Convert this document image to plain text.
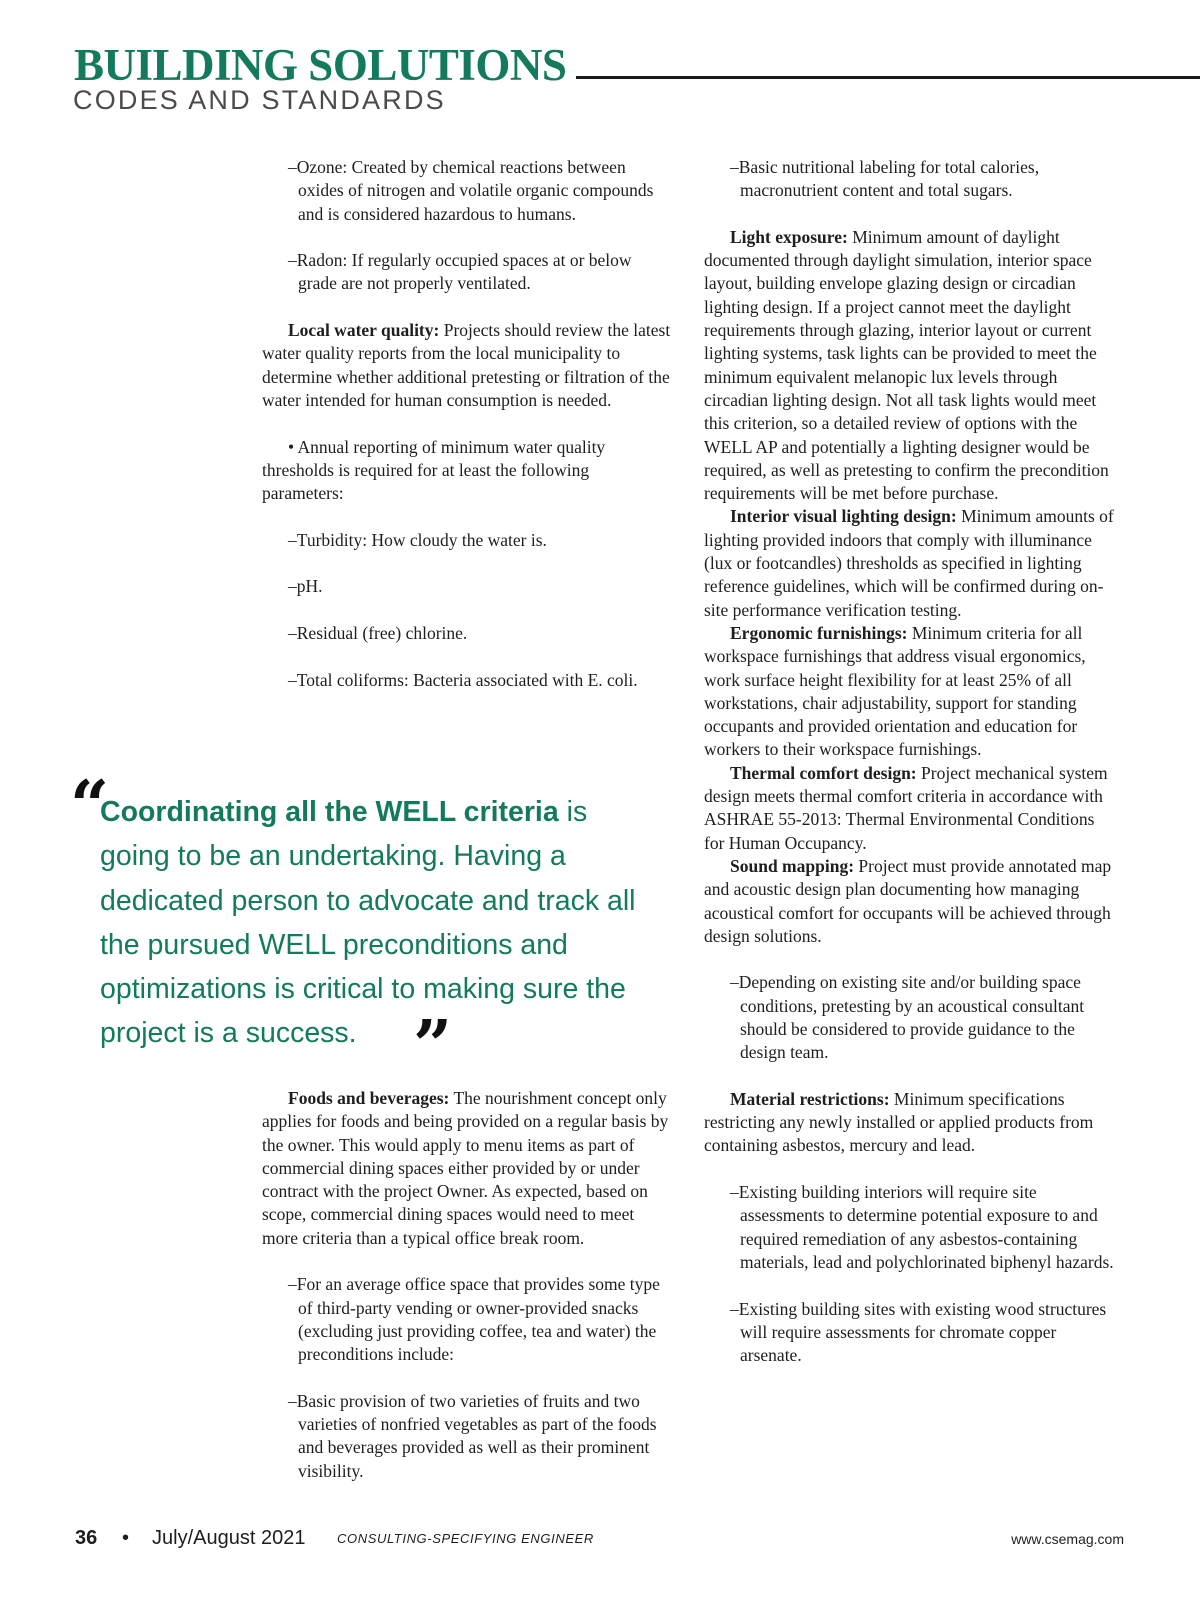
BUILDING SOLUTIONS
CODES AND STANDARDS

–Ozone: Created by chemical reactions between oxides of nitrogen and volatile organic compounds and is considered hazardous to humans.

–Radon: If regularly occupied spaces at or below grade are not properly ventilated.

Local water quality: Projects should review the latest water quality reports from the local municipality to determine whether additional pretesting or filtration of the water intended for human consumption is needed.

• Annual reporting of minimum water quality thresholds is required for at least the following parameters:

–Turbidity: How cloudy the water is.

–pH.

–Residual (free) chlorine.

–Total coliforms: Bacteria associated with E. coli.

“

Coordinating all the WELL criteria is going to be an undertaking. Having a dedicated person to advocate and track all the pursued WELL preconditions and optimizations is critical to making sure the project is a success. ”

Foods and beverages: The nourishment concept only applies for foods and being provided on a regular basis by the owner. This would apply to menu items as part of commercial dining spaces either provided by or under contract with the project Owner. As expected, based on scope, commercial dining spaces would need to meet more criteria than a typical office break room.

–For an average office space that provides some type of third-party vending or owner-provided snacks (excluding just providing coffee, tea and water) the preconditions include:

–Basic provision of two varieties of fruits and two varieties of nonfried vegetables as part of the foods and beverages provided as well as their prominent visibility.

–Basic nutritional labeling for total calories, macronutrient content and total sugars.

Light exposure: Minimum amount of daylight documented through daylight simulation, interior space layout, building envelope glazing design or circadian lighting design. If a project cannot meet the daylight requirements through glazing, interior layout or current lighting systems, task lights can be provided to meet the minimum equivalent melanopic lux levels through circadian lighting design. Not all task lights would meet this criterion, so a detailed review of options with the WELL AP and potentially a lighting designer would be required, as well as pretesting to confirm the precondition requirements will be met before purchase.

Interior visual lighting design: Minimum amounts of lighting provided indoors that comply with illuminance (lux or footcandles) thresholds as specified in lighting reference guidelines, which will be confirmed during on-site performance verification testing.

Ergonomic furnishings: Minimum criteria for all workspace furnishings that address visual ergonomics, work surface height flexibility for at least 25% of all workstations, chair adjustability, support for standing occupants and provided orientation and education for workers to their workspace furnishings.

Thermal comfort design: Project mechanical system design meets thermal comfort criteria in accordance with ASHRAE 55-2013: Thermal Environmental Conditions for Human Occupancy.

Sound mapping: Project must provide annotated map and acoustic design plan documenting how managing acoustical comfort for occupants will be achieved through design solutions.

–Depending on existing site and/or building space conditions, pretesting by an acoustical consultant should be considered to provide guidance to the design team.

Material restrictions: Minimum specifications restricting any newly installed or applied products from containing asbestos, mercury and lead.

–Existing building interiors will require site assessments to determine potential exposure to and required remediation of any asbestos-containing materials, lead and polychlorinated biphenyl hazards.

–Existing building sites with existing wood structures will require assessments for chromate copper arsenate.

36 • July/August 2021 CONSULTING-SPECIFYING ENGINEER	www.csemag.com
